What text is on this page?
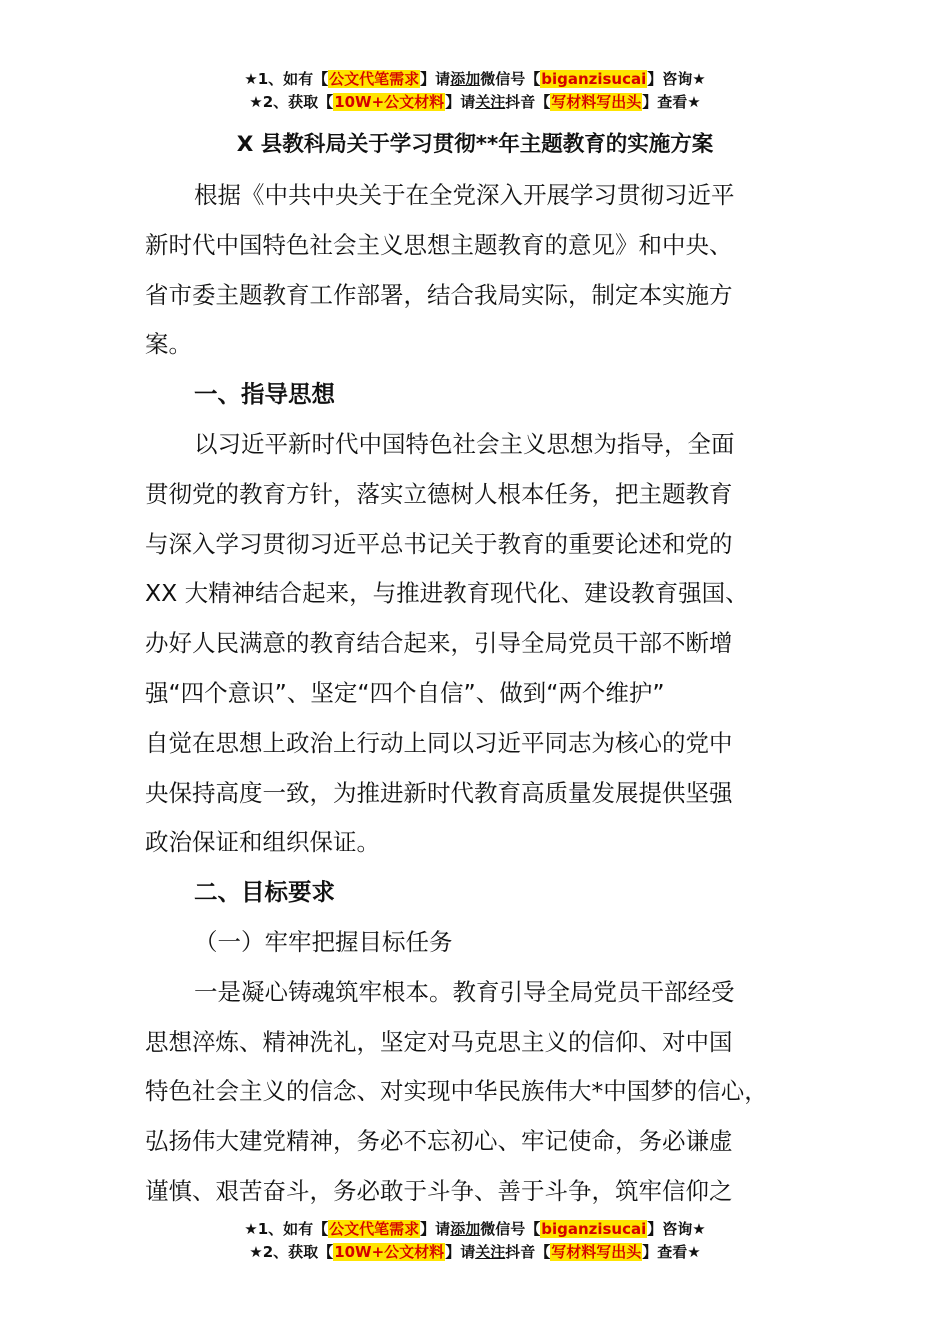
★1、如有【公文代笔需求】请添加微信号【biganzisucai】咨询★
★2、获取【10W+公文材料】请关注抖音【写材料写出头】查看★
X 县教科局关于学习贯彻**年主题教育的实施方案

根据《中共中央关于在全党深入开展学习贯彻习近平
新时代中国特色社会主义思想主题教育的意见》和中央、
省市委主题教育工作部署，结合我局实际，制定本实施方
案。

一、指导思想

以习近平新时代中国特色社会主义思想为指导，全面
贯彻党的教育方针，落实立德树人根本任务，把主题教育
与深入学习贯彻习近平总书记关于教育的重要论述和党的
XX 大精神结合起来，与推进教育现代化、建设教育强国、
办好人民满意的教育结合起来，引导全局党员干部不断增
强“四个意识”、坚定“四个自信”、做到“两个维护”
自觉在思想上政治上行动上同以习近平同志为核心的党中
央保持高度一致，为推进新时代教育高质量发展提供坚强
政治保证和组织保证。

二、目标要求

（一）牢牢把握目标任务

一是凝心铸魂筑牢根本。教育引导全局党员干部经受
思想淬炼、精神洗礼，坚定对马克思主义的信仰、对中国
特色社会主义的信念、对实现中华民族伟大*中国梦的信心，
弘扬伟大建党精神，务必不忘初心、牢记使命，务必谦虚
谨慎、艰苦奋斗，务必敢于斗争、善于斗争，筑牢信仰之

★1、如有【公文代笔需求】请添加微信号【biganzisucai】咨询★
★2、获取【10W+公文材料】请关注抖音【写材料写出头】查看★
